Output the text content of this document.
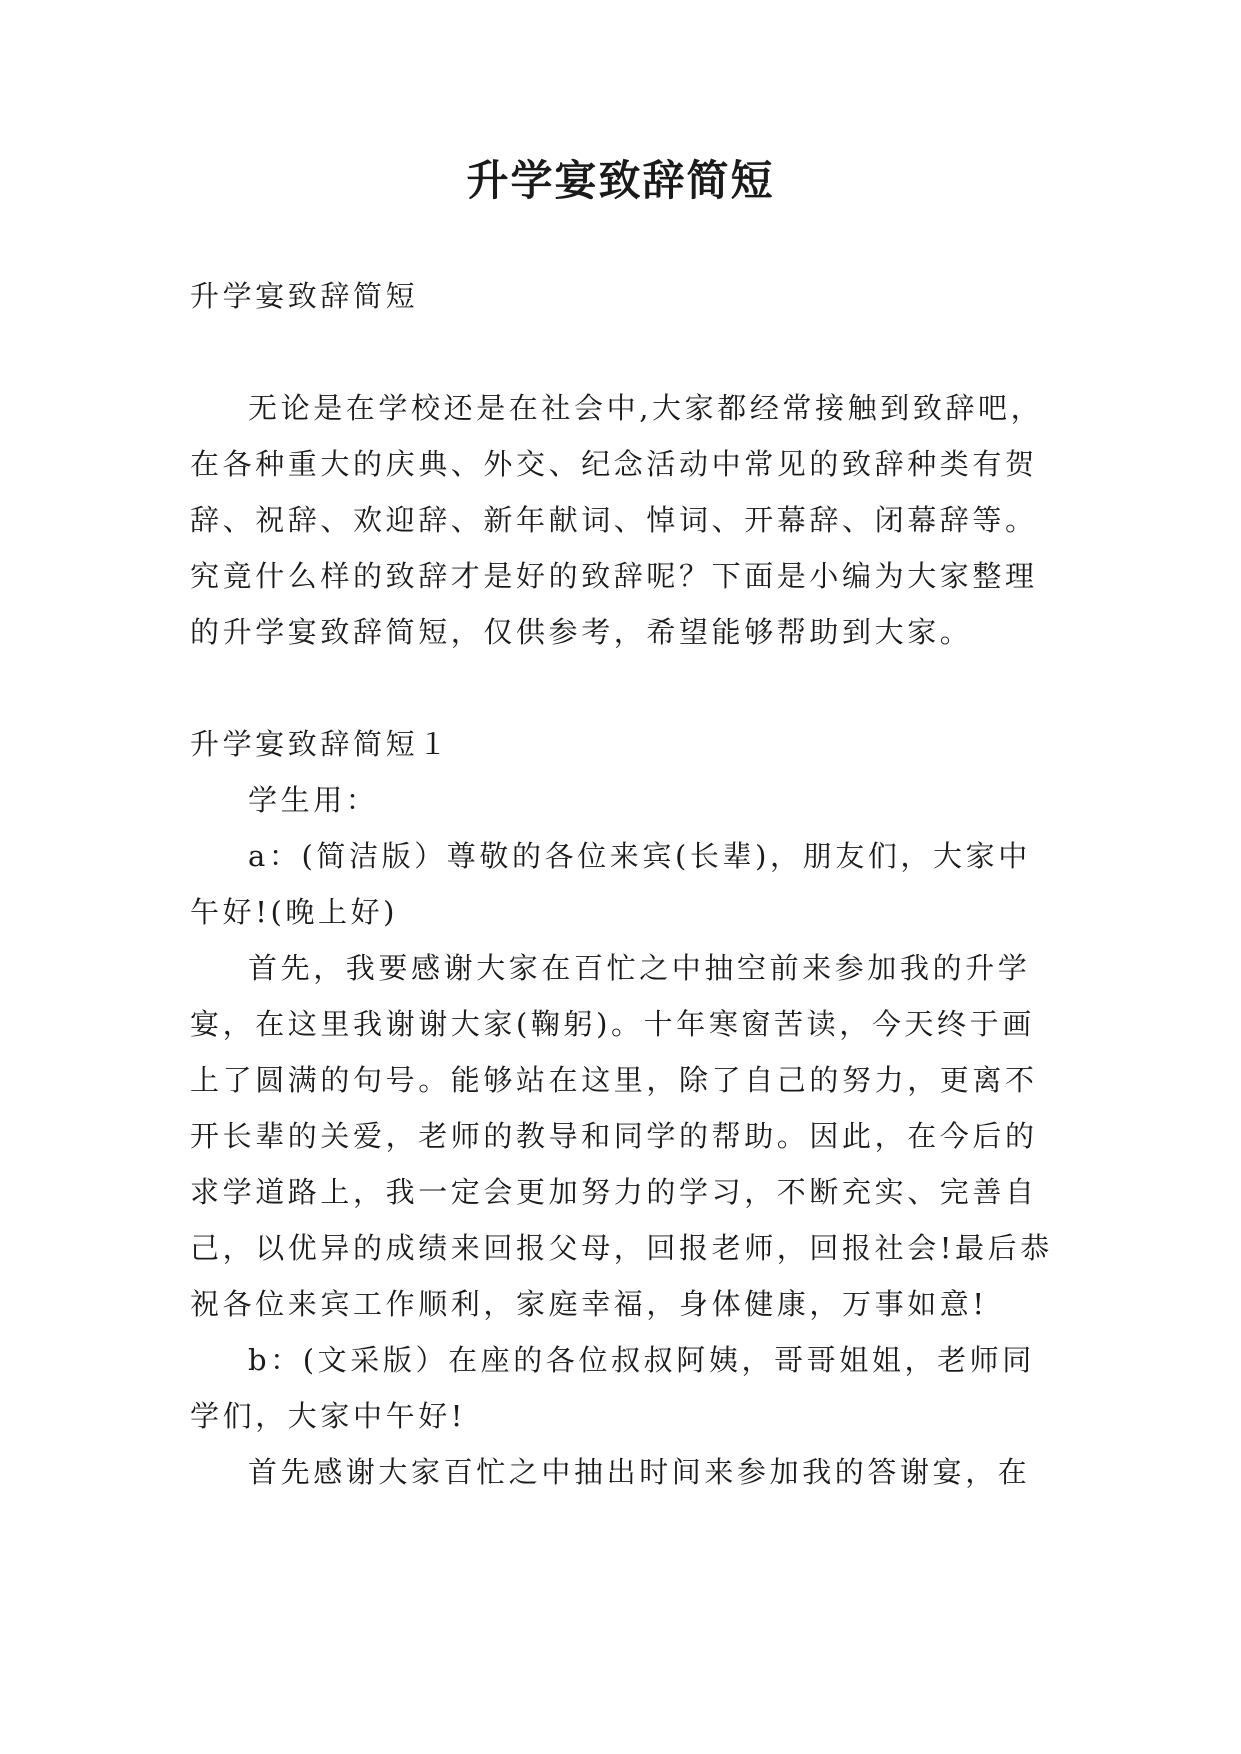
升学宴致辞简短

升学宴致辞简短

无论是在学校还是在社会中,大家都经常接触到致辞吧，在各种重大的庆典、外交、纪念活动中常见的致辞种类有贺辞、祝辞、欢迎辞、新年献词、悼词、开幕辞、闭幕辞等。究竟什么样的致辞才是好的致辞呢？下面是小编为大家整理的升学宴致辞简短，仅供参考，希望能够帮助到大家。

升学宴致辞简短１

学生用：

a：(简洁版）尊敬的各位来宾(长辈)，朋友们，大家中午好!(晚上好)

首先，我要感谢大家在百忙之中抽空前来参加我的升学宴，在这里我谢谢大家(鞠躬)。十年寒窗苦读，今天终于画上了圆满的句号。能够站在这里，除了自己的努力，更离不开长辈的关爱，老师的教导和同学的帮助。因此，在今后的求学道路上，我一定会更加努力的学习，不断充实、完善自己，以优异的成绩来回报父母，回报老师，回报社会!最后恭祝各位来宾工作顺利，家庭幸福，身体健康，万事如意!

b：(文采版）在座的各位叔叔阿姨，哥哥姐姐，老师同学们，大家中午好!

首先感谢大家百忙之中抽出时间来参加我的答谢宴，在
